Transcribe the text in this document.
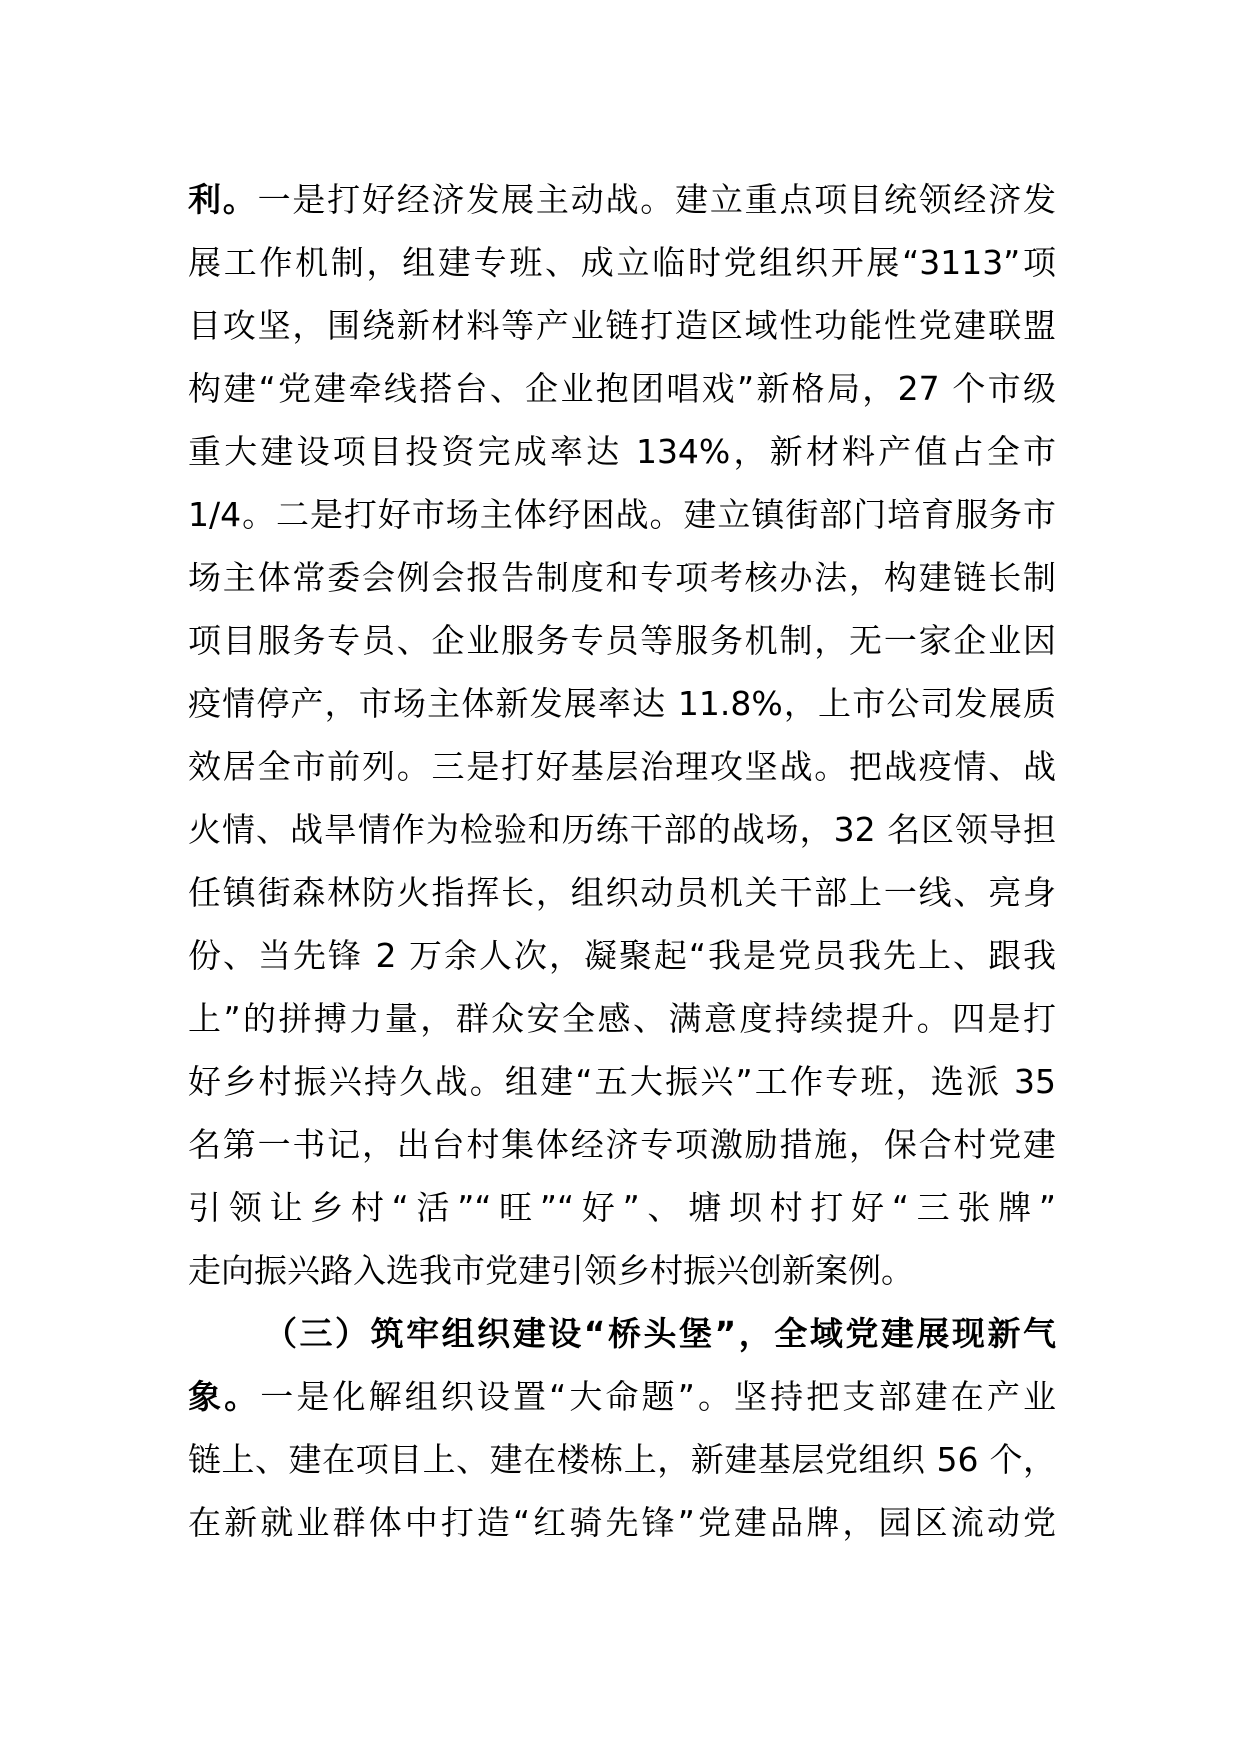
利。一是打好经济发展主动战。建立重点项目统领经济发
展工作机制，组建专班、成立临时党组织开展“3113”项
目攻坚，围绕新材料等产业链打造区域性功能性党建联盟
构建“党建牵线搭台、企业抱团唱戏”新格局，27 个市级
重大建设项目投资完成率达 134%，新材料产值占全市
1/4。二是打好市场主体纾困战。建立镇街部门培育服务市
场主体常委会例会报告制度和专项考核办法，构建链长制
项目服务专员、企业服务专员等服务机制，无一家企业因
疫情停产，市场主体新发展率达 11.8%，上市公司发展质
效居全市前列。三是打好基层治理攻坚战。把战疫情、战
火情、战旱情作为检验和历练干部的战场，32 名区领导担
任镇街森林防火指挥长，组织动员机关干部上一线、亮身
份、当先锋 2 万余人次，凝聚起“我是党员我先上、跟我
上”的拼搏力量，群众安全感、满意度持续提升。四是打
好乡村振兴持久战。组建“五大振兴”工作专班，选派 35
名第一书记，出台村集体经济专项激励措施，保合村党建
引领让乡村“活”“旺”“好”、塘坝村打好“三张牌”
走向振兴路入选我市党建引领乡村振兴创新案例。
（三）筑牢组织建设“桥头堡”，全域党建展现新气
象。一是化解组织设置“大命题”。坚持把支部建在产业
链上、建在项目上、建在楼栋上，新建基层党组织 56 个，
在新就业群体中打造“红骑先锋”党建品牌，园区流动党
